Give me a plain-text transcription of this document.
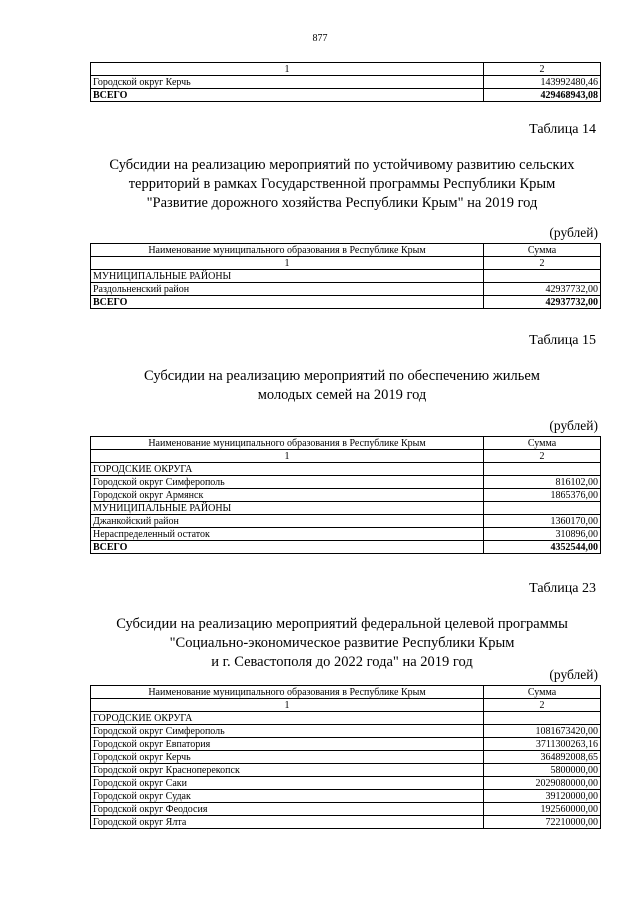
877
1	2
Городской округ Керчь	143992480,46
ВСЕГО	429468943,08
Таблица 14
Субсидии на реализацию мероприятий по устойчивому развитию сельских
территорий в рамках Государственной программы Республики Крым
"Развитие дорожного хозяйства Республики Крым" на 2019 год
(рублей)
Наименование муниципального образования в Республике Крым	Сумма
1	2
МУНИЦИПАЛЬНЫЕ РАЙОНЫ	
Раздольненский район	42937732,00
ВСЕГО	42937732,00
Таблица 15
Субсидии на реализацию мероприятий по обеспечению жильем
молодых семей на 2019 год
(рублей)
Наименование муниципального образования в Республике Крым	Сумма
1	2
ГОРОДСКИЕ ОКРУГА	
Городской округ Симферополь	816102,00
Городской округ Армянск	1865376,00
МУНИЦИПАЛЬНЫЕ РАЙОНЫ	
Джанкойский район	1360170,00
Нераспределенный остаток	310896,00
ВСЕГО	4352544,00
Таблица 23
Субсидии на реализацию мероприятий федеральной целевой программы
"Социально-экономическое развитие Республики Крым
и г. Севастополя до 2022 года" на 2019 год
(рублей)
Наименование муниципального образования в Республике Крым	Сумма
1	2
ГОРОДСКИЕ ОКРУГА	
Городской округ Симферополь	1081673420,00
Городской округ Евпатория	3711300263,16
Городской округ Керчь	364892008,65
Городской округ Красноперекопск	5800000,00
Городской округ Саки	2029080000,00
Городской округ Судак	39120000,00
Городской округ Феодосия	192560000,00
Городской округ Ялта	72210000,00
